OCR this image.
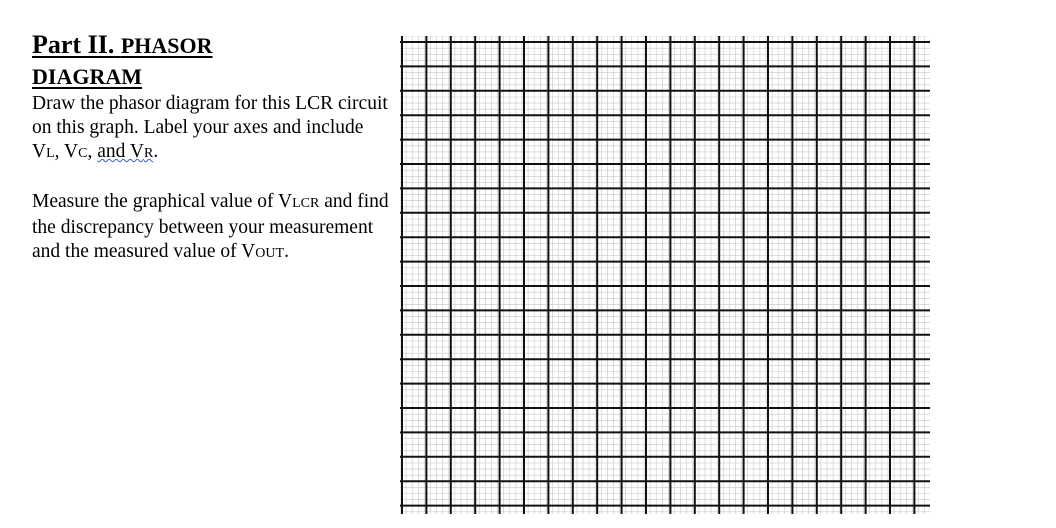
Part II. PHASOR
DIAGRAM

Draw the phasor diagram for this LCR circuit on this graph. Label your axes and include VL, VC, and VR.

Measure the graphical value of VLCR and find the discrepancy between your measurement and the measured value of VOUT.
